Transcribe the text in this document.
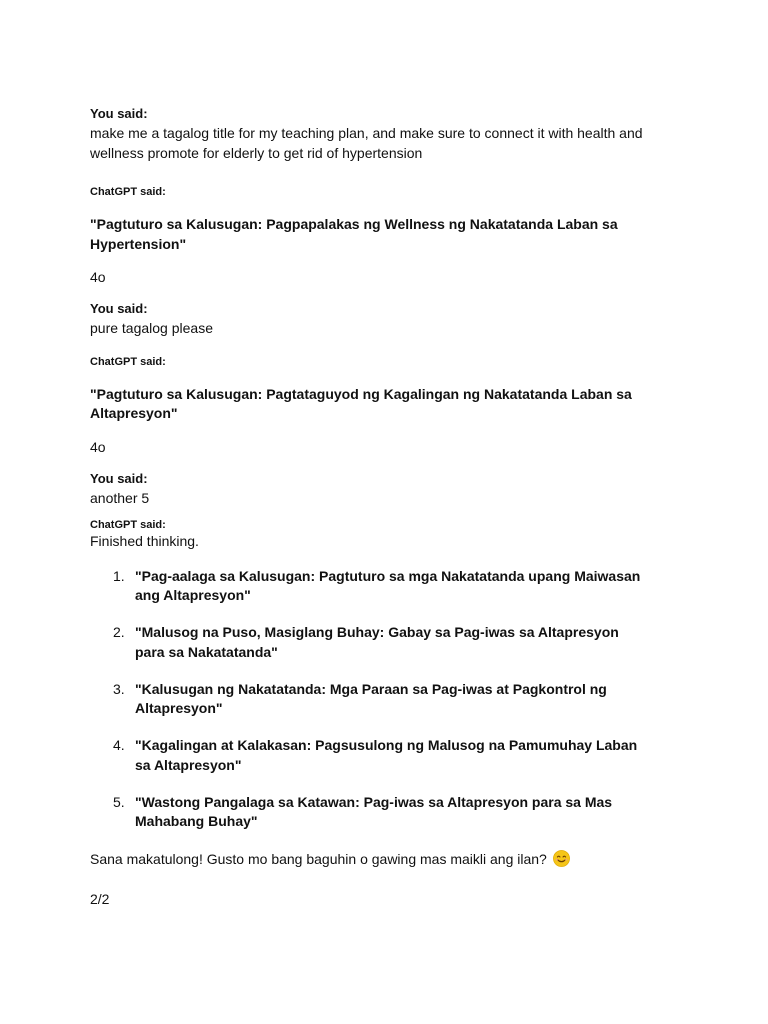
You said:

make me a tagalog title for my teaching plan, and make sure to connect it with health and wellness promote for elderly to get rid of hypertension

ChatGPT said:

"Pagtuturo sa Kalusugan: Pagpapalakas ng Wellness ng Nakatatanda Laban sa Hypertension"

4o

You said:

pure tagalog please

ChatGPT said:

"Pagtuturo sa Kalusugan: Pagtataguyod ng Kagalingan ng Nakatatanda Laban sa Altapresyon"

4o

You said:

another 5

ChatGPT said:

Finished thinking.

1. "Pag-aalaga sa Kalusugan: Pagtuturo sa mga Nakatatanda upang Maiwasan ang Altapresyon"
2. "Malusog na Puso, Masiglang Buhay: Gabay sa Pag-iwas sa Altapresyon para sa Nakatatanda"
3. "Kalusugan ng Nakatatanda: Mga Paraan sa Pag-iwas at Pagkontrol ng Altapresyon"
4. "Kagalingan at Kalakasan: Pagsusulong ng Malusog na Pamumuhay Laban sa Altapresyon"
5. "Wastong Pangalaga sa Katawan: Pag-iwas sa Altapresyon para sa Mas Mahabang Buhay"

Sana makatulong! Gusto mo bang baguhin o gawing mas maikli ang ilan?

2/2
